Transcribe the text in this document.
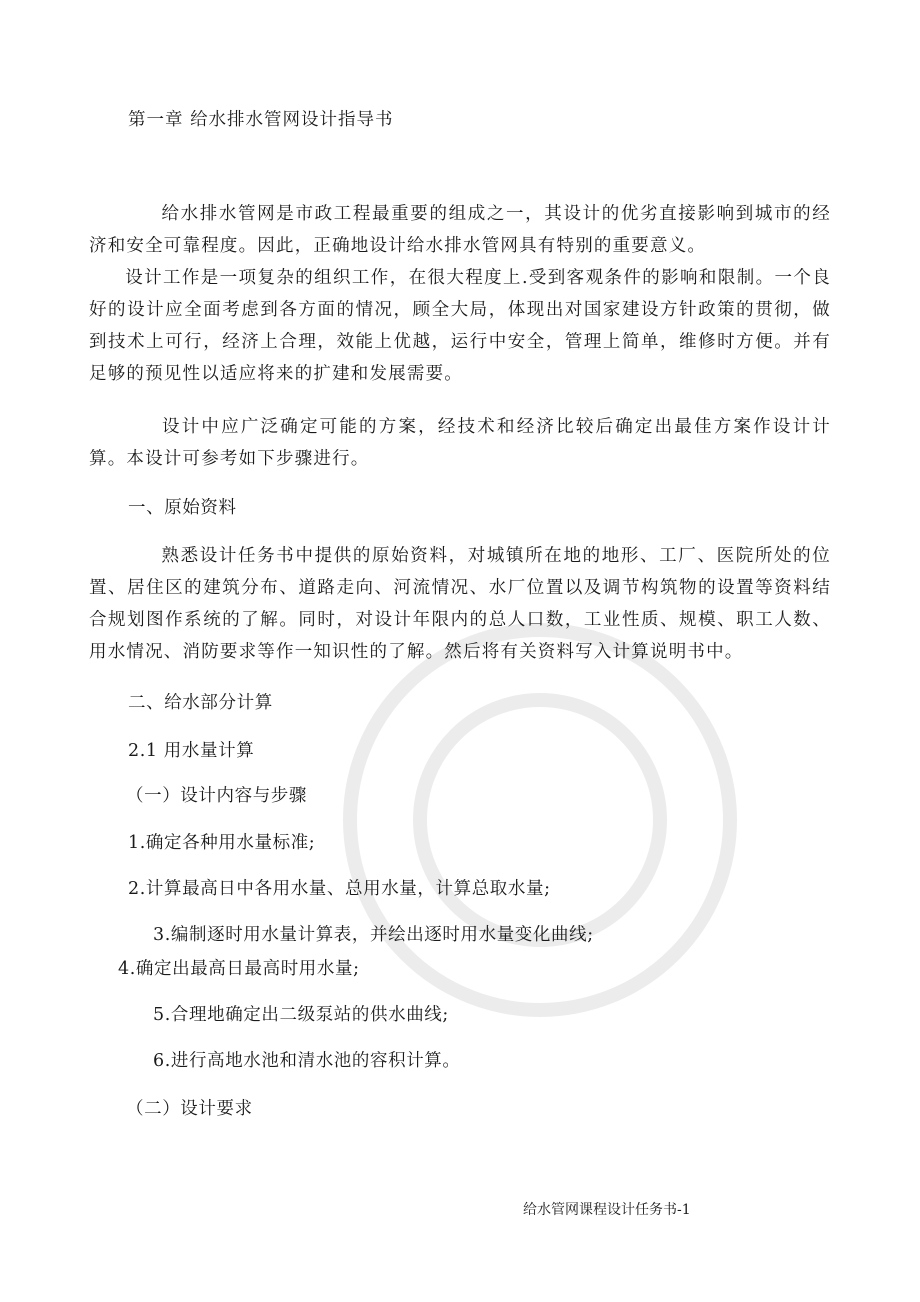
第一章 给水排水管网设计指导书
给水排水管网是市政工程最重要的组成之一，其设计的优劣直接影响到城市的经济和安全可靠程度。因此，正确地设计给水排水管网具有特别的重要意义。
设计工作是一项复杂的组织工作，在很大程度上.受到客观条件的影响和限制。一个良好的设计应全面考虑到各方面的情况，顾全大局，体现出对国家建设方针政策的贯彻，做到技术上可行，经济上合理，效能上优越，运行中安全，管理上简单，维修时方便。并有足够的预见性以适应将来的扩建和发展需要。
设计中应广泛确定可能的方案，经技术和经济比较后确定出最佳方案作设计计算。本设计可参考如下步骤进行。
一、原始资料
熟悉设计任务书中提供的原始资料，对城镇所在地的地形、工厂、医院所处的位置、居住区的建筑分布、道路走向、河流情况、水厂位置以及调节构筑物的设置等资料结合规划图作系统的了解。同时，对设计年限内的总人口数，工业性质、规模、职工人数、用水情况、消防要求等作一知识性的了解。然后将有关资料写入计算说明书中。
二、给水部分计算
2.1 用水量计算
（一）设计内容与步骤
1.确定各种用水量标准;
2.计算最高日中各用水量、总用水量，计算总取水量;
3.编制逐时用水量计算表，并绘出逐时用水量变化曲线;
4.确定出最高日最高时用水量;
5.合理地确定出二级泵站的供水曲线;
6.进行高地水池和清水池的容积计算。
（二）设计要求
给水管网课程设计任务书-1
